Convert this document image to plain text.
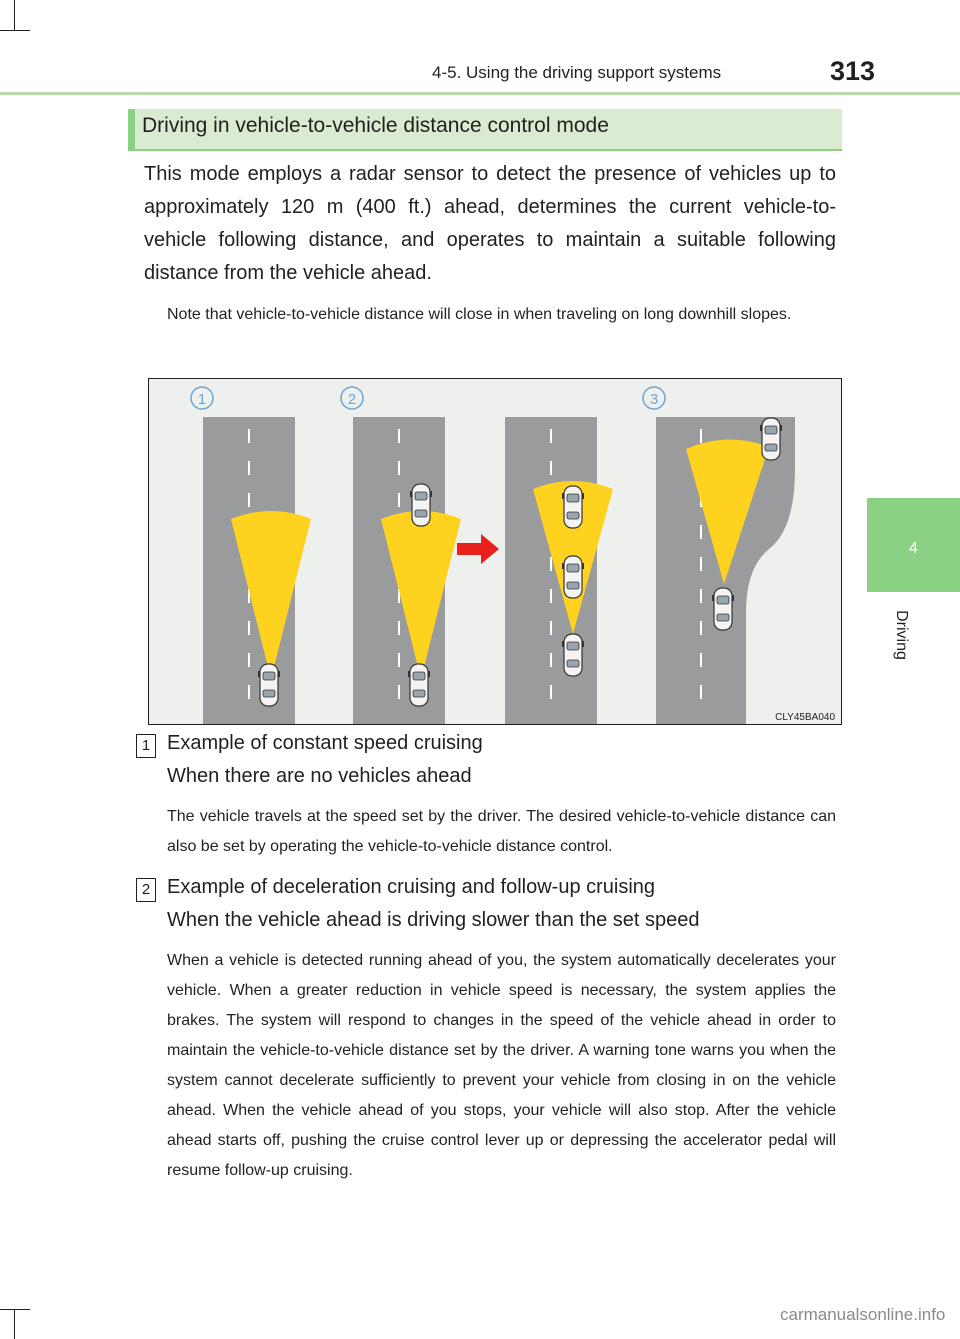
4-5. Using the driving support systems	313
4
Driving
Driving in vehicle-to-vehicle distance control mode

This mode employs a radar sensor to detect the presence of vehicles up to approximately 120 m (400 ft.) ahead, determines the current vehicle-to-vehicle following distance, and operates to maintain a suitable following distance from the vehicle ahead.

Note that vehicle-to-vehicle distance will close in when traveling on long downhill slopes.

1	2	3
CLY45BA040
1 Example of constant speed cruising

When there are no vehicles ahead

The vehicle travels at the speed set by the driver. The desired vehicle-to-vehicle distance can also be set by operating the vehicle-to-vehicle distance control.

2 Example of deceleration cruising and follow-up cruising

When the vehicle ahead is driving slower than the set speed

When a vehicle is detected running ahead of you, the system automatically decelerates your vehicle. When a greater reduction in vehicle speed is necessary, the system applies the brakes. The system will respond to changes in the speed of the vehicle ahead in order to maintain the vehicle-to-vehicle distance set by the driver. A warning tone warns you when the system cannot decelerate sufficiently to prevent your vehicle from closing in on the vehicle ahead. When the vehicle ahead of you stops, your vehicle will also stop. After the vehicle ahead starts off, pushing the cruise control lever up or depressing the accelerator pedal will resume follow-up cruising.

carmanualsonline.info
